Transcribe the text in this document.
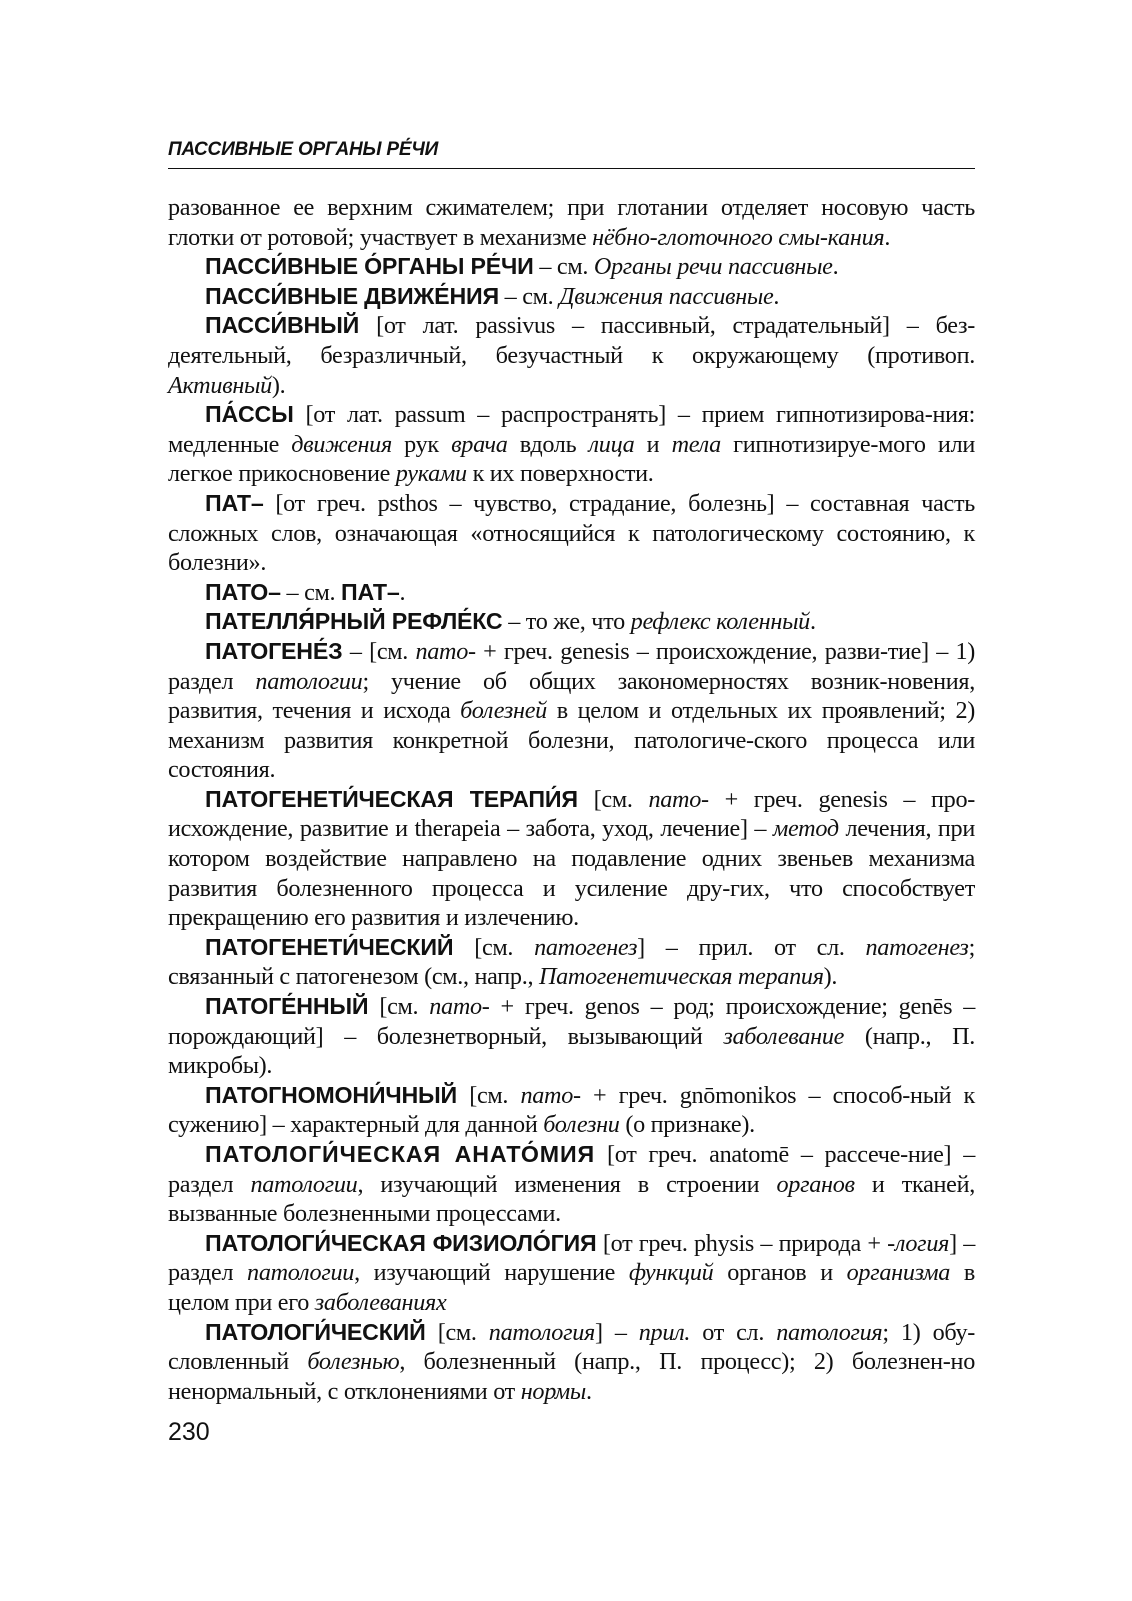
ПАССИВНЫЕ ОРГАНЫ РЕ́ЧИ

разованное ее верхним сжимателем; при глотании отделяет носовую часть глотки от ротовой; участвует в механизме нёбно-глоточного смы-кания.

ПАССИ́ВНЫЕ О́РГАНЫ РЕ́ЧИ – см. Органы речи пассивные.

ПАССИ́ВНЫЕ ДВИЖЕ́НИЯ – см. Движения пассивные.

ПАССИ́ВНЫЙ [от лат. passivus – пассивный, страдательный] – без-деятельный, безразличный, безучастный к окружающему (противоп. Активный).

ПА́ССЫ [от лат. passum – распространять] – прием гипнотизирова-ния: медленные движения рук врача вдоль лица и тела гипнотизируе-мого или легкое прикосновение руками к их поверхности.

ПАТ– [от греч. psthos – чувство, страдание, болезнь] – составная часть сложных слов, означающая «относящийся к патологическому состоянию, к болезни».

ПАТО– – см. ПАТ–.

ПАТЕЛЛЯ́РНЫЙ РЕФЛЕ́КС – то же, что рефлекс коленный.

ПАТОГЕНЕ́З – [см. пато- + греч. genesis – происхождение, разви-тие] – 1) раздел патологии; учение об общих закономерностях возник-новения, развития, течения и исхода болезней в целом и отдельных их проявлений; 2) механизм развития конкретной болезни, патологиче-ского процесса или состояния.

ПАТОГЕНЕТИ́ЧЕСКАЯ ТЕРАПИ́Я [см. пато- + греч. genesis – про-исхождение, развитие и therapeia – забота, уход, лечение] – метод лечения, при котором воздействие направлено на подавление одних звеньев механизма развития болезненного процесса и усиление дру-гих, что способствует прекращению его развития и излечению.

ПАТОГЕНЕТИ́ЧЕСКИЙ [см. патогенез] – прил. от сл. патогенез; связанный с патогенезом (см., напр., Патогенетическая терапия).

ПАТОГЕ́ННЫЙ [см. пато- + греч. genos – род; происхождение; genēs – порождающий] – болезнетворный, вызывающий заболевание (напр., П. микробы).

ПАТОГНОМОНИ́ЧНЫЙ [см. пато- + греч. gnōmonikos – способ-ный к сужению] – характерный для данной болезни (о признаке).

ПАТОЛОГИ́ЧЕСКАЯ АНАТО́МИЯ [от греч. anatomē – рассече-ние] – раздел патологии, изучающий изменения в строении органов и тканей, вызванные болезненными процессами.

ПАТОЛОГИ́ЧЕСКАЯ ФИЗИОЛО́ГИЯ [от греч. physis – природа + -логия] – раздел патологии, изучающий нарушение функций органов и организма в целом при его заболеваниях

ПАТОЛОГИ́ЧЕСКИЙ [см. патология] – прил. от сл. патология; 1) обу-словленный болезнью, болезненный (напр., П. процесс); 2) болезнен-но ненормальный, с отклонениями от нормы.

230
